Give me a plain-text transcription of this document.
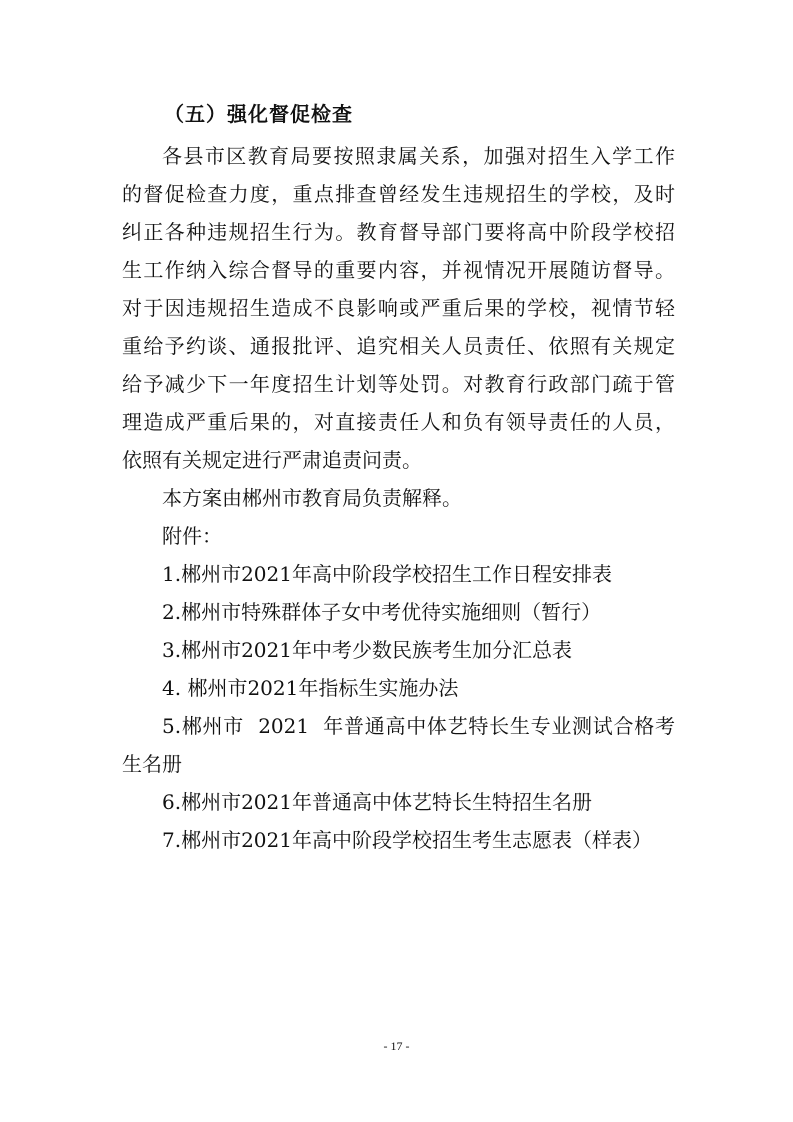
（五）强化督促检查
各县市区教育局要按照隶属关系，加强对招生入学工作
的督促检查力度，重点排查曾经发生违规招生的学校，及时
纠正各种违规招生行为。教育督导部门要将高中阶段学校招
生工作纳入综合督导的重要内容，并视情况开展随访督导。
对于因违规招生造成不良影响或严重后果的学校，视情节轻
重给予约谈、通报批评、追究相关人员责任、依照有关规定
给予减少下一年度招生计划等处罚。对教育行政部门疏于管
理造成严重后果的，对直接责任人和负有领导责任的人员，
依照有关规定进行严肃追责问责。
本方案由郴州市教育局负责解释。
附件：
1.郴州市2021年高中阶段学校招生工作日程安排表
2.郴州市特殊群体子女中考优待实施细则（暂行）
3.郴州市2021年中考少数民族考生加分汇总表
4. 郴州市2021年指标生实施办法
5.郴州市  2021  年普通高中体艺特长生专业测试合格考
生名册
6.郴州市2021年普通高中体艺特长生特招生名册
7.郴州市2021年高中阶段学校招生考生志愿表（样表）
- 17 -
